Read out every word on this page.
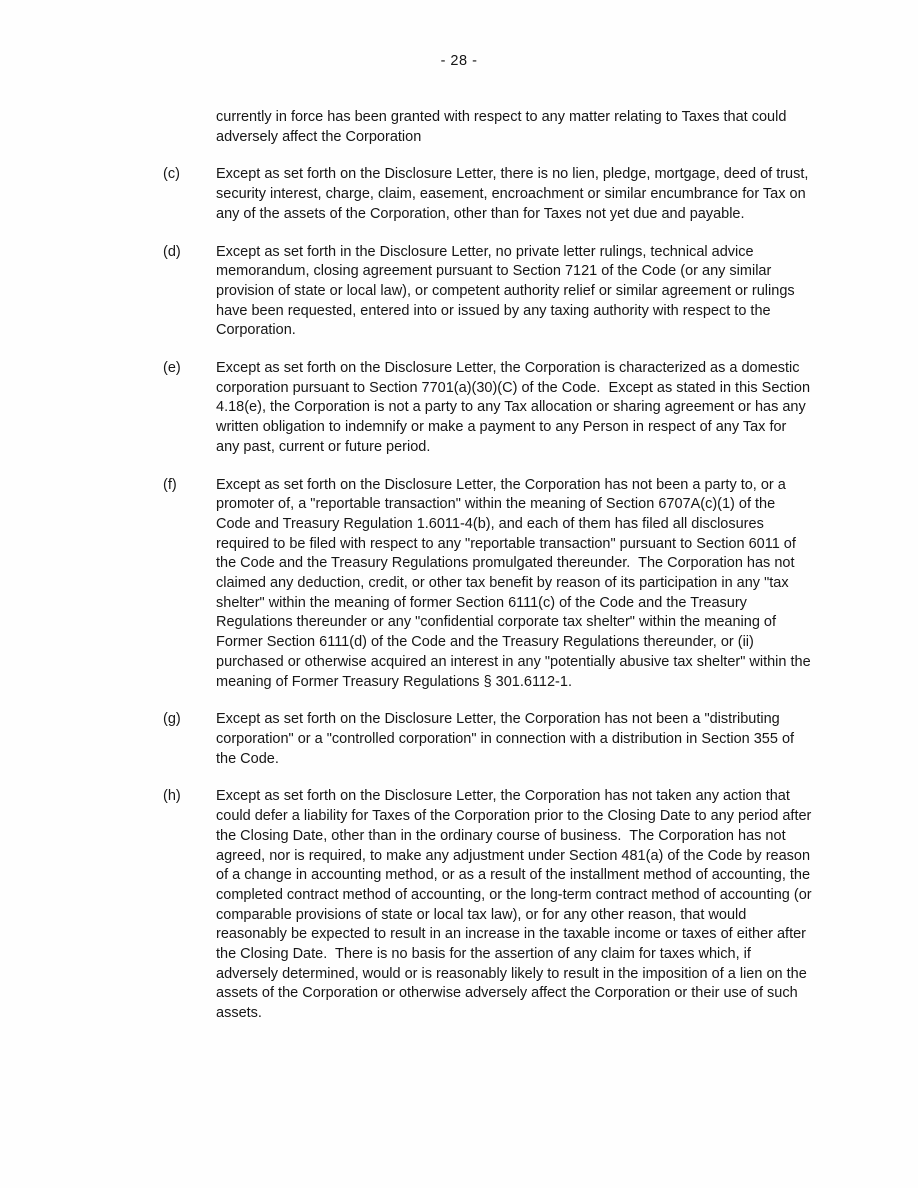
- 28 -
currently in force has been granted with respect to any matter relating to Taxes that could adversely affect the Corporation
(c)	Except as set forth on the Disclosure Letter, there is no lien, pledge, mortgage, deed of trust, security interest, charge, claim, easement, encroachment or similar encumbrance for Tax on any of the assets of the Corporation, other than for Taxes not yet due and payable.
(d)	Except as set forth in the Disclosure Letter, no private letter rulings, technical advice memorandum, closing agreement pursuant to Section 7121 of the Code (or any similar provision of state or local law), or competent authority relief or similar agreement or rulings have been requested, entered into or issued by any taxing authority with respect to the Corporation.
(e)	Except as set forth on the Disclosure Letter, the Corporation is characterized as a domestic corporation pursuant to Section 7701(a)(30)(C) of the Code.  Except as stated in this Section 4.18(e), the Corporation is not a party to any Tax allocation or sharing agreement or has any written obligation to indemnify or make a payment to any Person in respect of any Tax for any past, current or future period.
(f)	Except as set forth on the Disclosure Letter, the Corporation has not been a party to, or a promoter of, a "reportable transaction" within the meaning of Section 6707A(c)(1) of the Code and Treasury Regulation 1.6011-4(b), and each of them has filed all disclosures required to be filed with respect to any "reportable transaction" pursuant to Section 6011 of the Code and the Treasury Regulations promulgated thereunder.  The Corporation has not claimed any deduction, credit, or other tax benefit by reason of its participation in any "tax shelter" within the meaning of former Section 6111(c) of the Code and the Treasury Regulations thereunder or any "confidential corporate tax shelter" within the meaning of Former Section 6111(d) of the Code and the Treasury Regulations thereunder, or (ii) purchased or otherwise acquired an interest in any "potentially abusive tax shelter" within the meaning of Former Treasury Regulations § 301.6112-1.
(g)	Except as set forth on the Disclosure Letter, the Corporation has not been a "distributing corporation" or a "controlled corporation" in connection with a distribution in Section 355 of the Code.
(h)	Except as set forth on the Disclosure Letter, the Corporation has not taken any action that could defer a liability for Taxes of the Corporation prior to the Closing Date to any period after the Closing Date, other than in the ordinary course of business.  The Corporation has not agreed, nor is required, to make any adjustment under Section 481(a) of the Code by reason of a change in accounting method, or as a result of the installment method of accounting, the completed contract method of accounting, or the long-term contract method of accounting (or comparable provisions of state or local tax law), or for any other reason, that would reasonably be expected to result in an increase in the taxable income or taxes of either after the Closing Date.  There is no basis for the assertion of any claim for taxes which, if adversely determined, would or is reasonably likely to result in the imposition of a lien on the assets of the Corporation or otherwise adversely affect the Corporation or their use of such assets.
